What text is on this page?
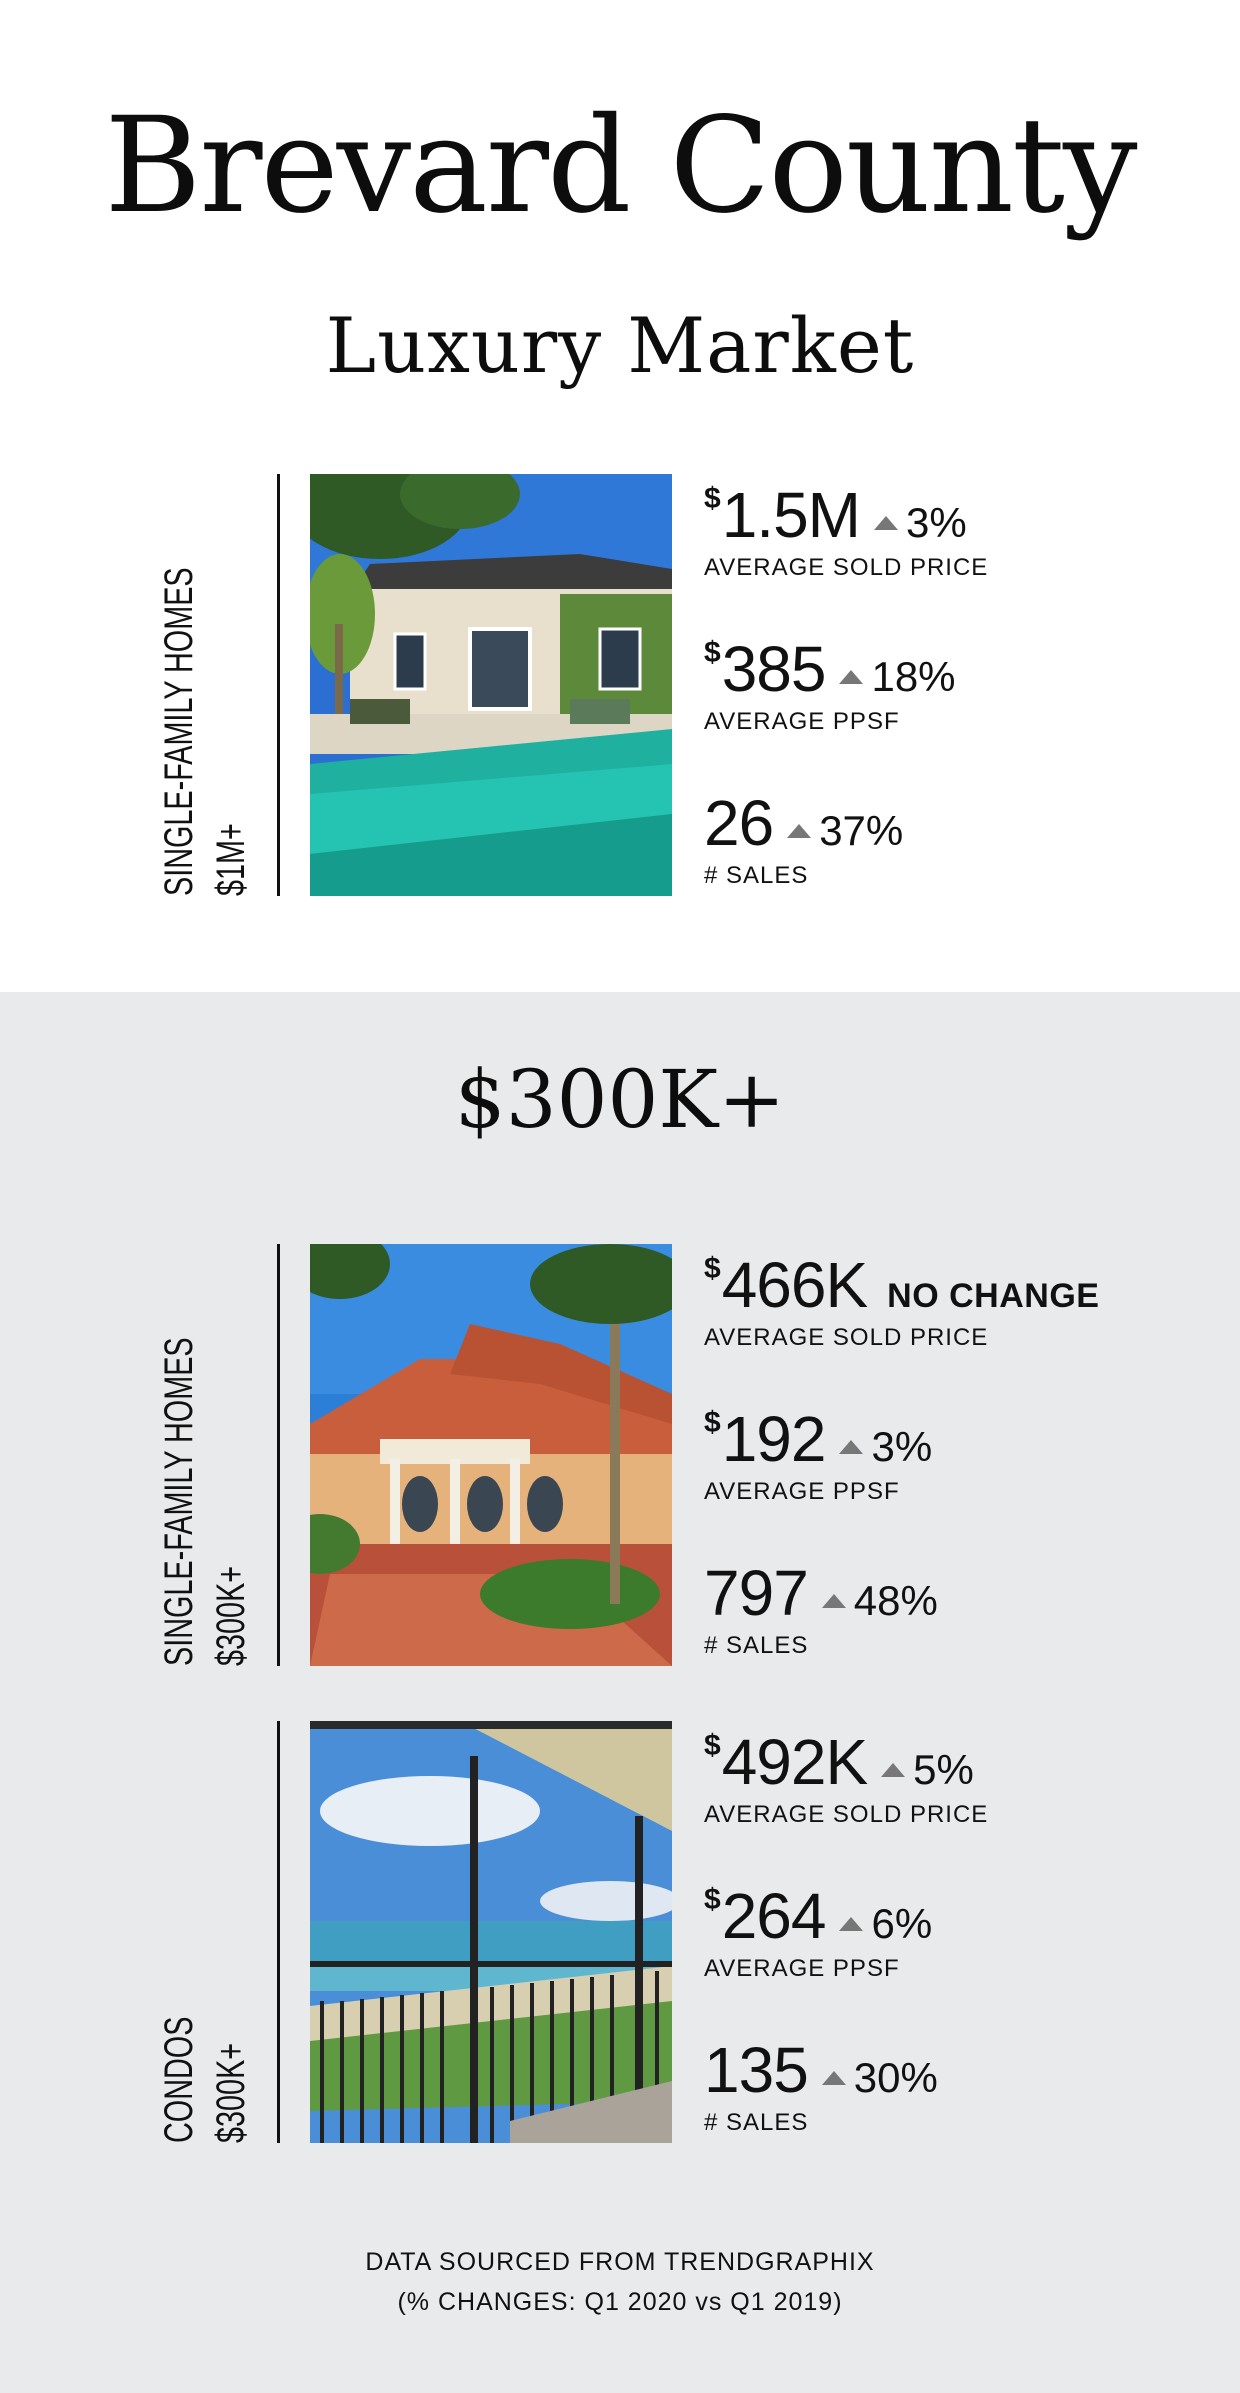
Brevard County
Luxury Market
$300K+
SINGLE-FAMILY HOMES $1M+
$ 1.5M 3%
AVERAGE SOLD PRICE
$ 385 18%
AVERAGE PPSF
26 37%
# SALES
SINGLE-FAMILY HOMES $300K+
$ 466K NO CHANGE
AVERAGE SOLD PRICE
$ 192 3%
AVERAGE PPSF
797 48%
# SALES
CONDOS $300K+
$ 492K 5%
AVERAGE SOLD PRICE
$ 264 6%
AVERAGE PPSF
135 30%
# SALES
DATA SOURCED FROM TRENDGRAPHIX
(% CHANGES: Q1 2020 vs Q1 2019)
